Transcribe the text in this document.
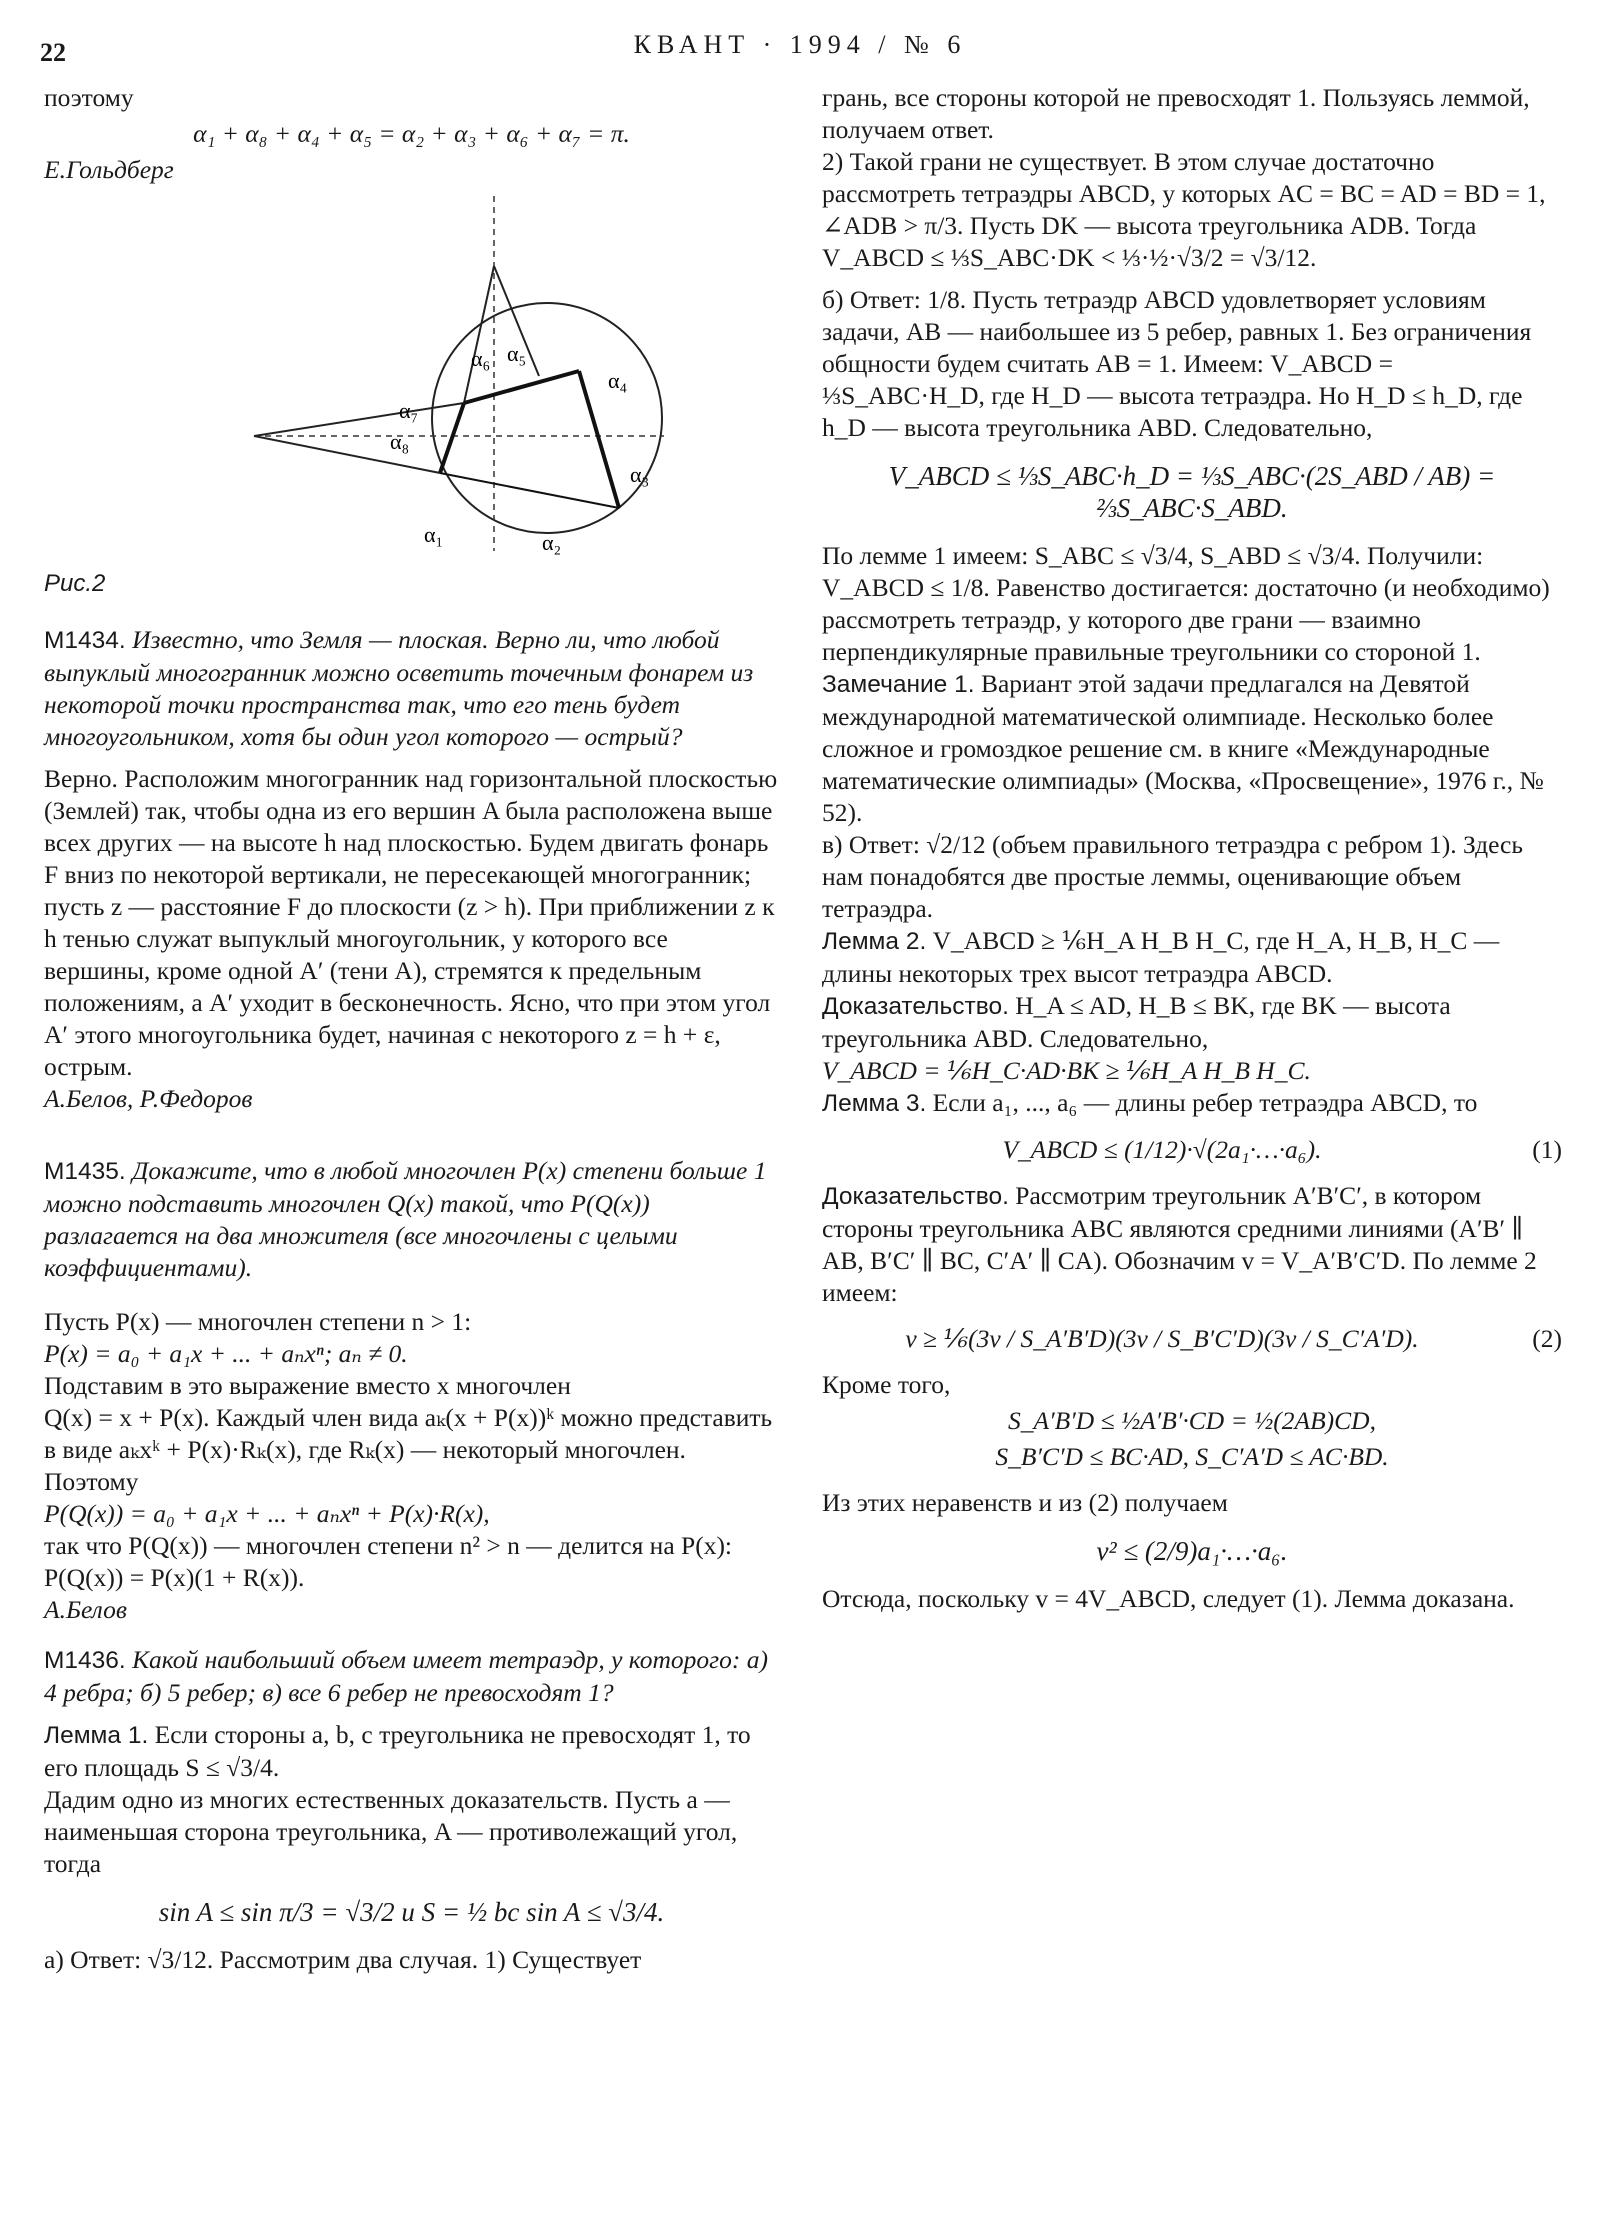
22	КВАНТ · 1994 / № 6

поэтому

α₁ + α₈ + α₄ + α₅ = α₂ + α₃ + α₆ + α₇ = π.

Е.Гольдберг

α₆ α₅
α₄
α₇
α₈
α₃
α₁	α₂
Рис.2

М1434. Известно, что Земля — плоская. Верно ли, что любой выпуклый многогранник можно осветить точечным фонарем из некоторой точки пространства так, что его тень будет многоугольником, хотя бы один угол которого — острый?

Верно. Расположим многогранник над горизонтальной плоскостью (Землей) так, чтобы одна из его вершин A была расположена выше всех других — на высоте h над плоскостью. Будем двигать фонарь F вниз по некоторой вертикали, не пересекающей многогранник; пусть z — расстояние F до плоскости (z > h). При приближении z к h тенью служат выпуклый многоугольник, у которого все вершины, кроме одной A′ (тени A), стремятся к предельным положениям, а A′ уходит в бесконечность. Ясно, что при этом угол A′ этого многоугольника будет, начиная с некоторого z = h + ε, острым.

А.Белов, Р.Федоров

М1435. Докажите, что в любой многочлен P(x) степени больше 1 можно подставить многочлен Q(x) такой, что P(Q(x)) разлагается на два множителя (все многочлены с целыми коэффициентами).

Пусть P(x) — многочлен степени n > 1:

P(x) = a₀ + a₁x + ... + aₙxⁿ; aₙ ≠ 0.

Подставим в это выражение вместо x многочлен

Q(x) = x + P(x). Каждый член вида aₖ(x + P(x))ᵏ можно представить в виде aₖxᵏ + P(x)·Rₖ(x), где Rₖ(x) — некоторый многочлен. Поэтому

P(Q(x)) = a₀ + a₁x + ... + aₙxⁿ + P(x)·R(x),

так что P(Q(x)) — многочлен степени n² > n — делится на P(x): P(Q(x)) = P(x)(1 + R(x)).

А.Белов

М1436. Какой наибольший объем имеет тетраэдр, у которого: а) 4 ребра; б) 5 ребер; в) все 6 ребер не превосходят 1?

Лемма 1. Если стороны a, b, c треугольника не превосходят 1, то его площадь S ≤ √3/4.

Дадим одно из многих естественных доказательств. Пусть a — наименьшая сторона треугольника, A — противолежащий угол, тогда

sin A ≤ sin π/3 = √3/2 и S = ½ bc sin A ≤ √3/4.

а) Ответ: √3/12. Рассмотрим два случая. 1) Существует

грань, все стороны которой не превосходят 1. Пользуясь леммой, получаем ответ.

2) Такой грани не существует. В этом случае достаточно рассмотреть тетраэдры ABCD, у которых AC = BC = AD = BD = 1, ∠ADB > π/3. Пусть DK — высота треугольника ADB. Тогда V_ABCD ≤ ⅓S_ABC·DK < ⅓·½·√3/2 = √3/12.

б) Ответ: 1/8. Пусть тетраэдр ABCD удовлетворяет условиям задачи, AB — наибольшее из 5 ребер, равных 1. Без ограничения общности будем считать AB = 1. Имеем: V_ABCD = ⅓S_ABC·H_D, где H_D — высота тетраэдра. Но H_D ≤ h_D, где h_D — высота треугольника ABD. Следовательно,

V_ABCD ≤ ⅓S_ABC·h_D = ⅓S_ABC·(2S_ABD / AB) = ⅔S_ABC·S_ABD.

По лемме 1 имеем: S_ABC ≤ √3/4, S_ABD ≤ √3/4. Получили: V_ABCD ≤ 1/8. Равенство достигается: достаточно (и необходимо) рассмотреть тетраэдр, у которого две грани — взаимно перпендикулярные правильные треугольники со стороной 1.

Замечание 1. Вариант этой задачи предлагался на Девятой международной математической олимпиаде. Несколько более сложное и громоздкое решение см. в книге «Международные математические олимпиады» (Москва, «Просвещение», 1976 г., № 52).

в) Ответ: √2/12 (объем правильного тетраэдра с ребром 1). Здесь нам понадобятся две простые леммы, оценивающие объем тетраэдра.

Лемма 2. V_ABCD ≥ ⅙H_A H_B H_C, где H_A, H_B, H_C — длины некоторых трех высот тетраэдра ABCD.

Доказательство. H_A ≤ AD, H_B ≤ BK, где BK — высота треугольника ABD. Следовательно,

V_ABCD = ⅙H_C·AD·BK ≥ ⅙H_A H_B H_C.

Лемма 3. Если a₁, ..., a₆ — длины ребер тетраэдра ABCD, то

V_ABCD ≤ (1/12)·√(2a₁·…·a₆).	(1)

Доказательство. Рассмотрим треугольник A′B′C′, в котором стороны треугольника ABC являются средними линиями (A′B′ ∥ AB, B′C′ ∥ BC, C′A′ ∥ CA). Обозначим v = V_A′B′C′D. По лемме 2 имеем:

v ≥ ⅙(3v / S_A′B′D)(3v / S_B′C′D)(3v / S_C′A′D).	(2)

Кроме того,

S_A′B′D ≤ ½A′B′·CD = ½(2AB)CD,

S_B′C′D ≤ BC·AD, S_C′A′D ≤ AC·BD.

Из этих неравенств и из (2) получаем

v² ≤ (2/9)a₁·…·a₆.

Отсюда, поскольку v = 4V_ABCD, следует (1). Лемма доказана.
